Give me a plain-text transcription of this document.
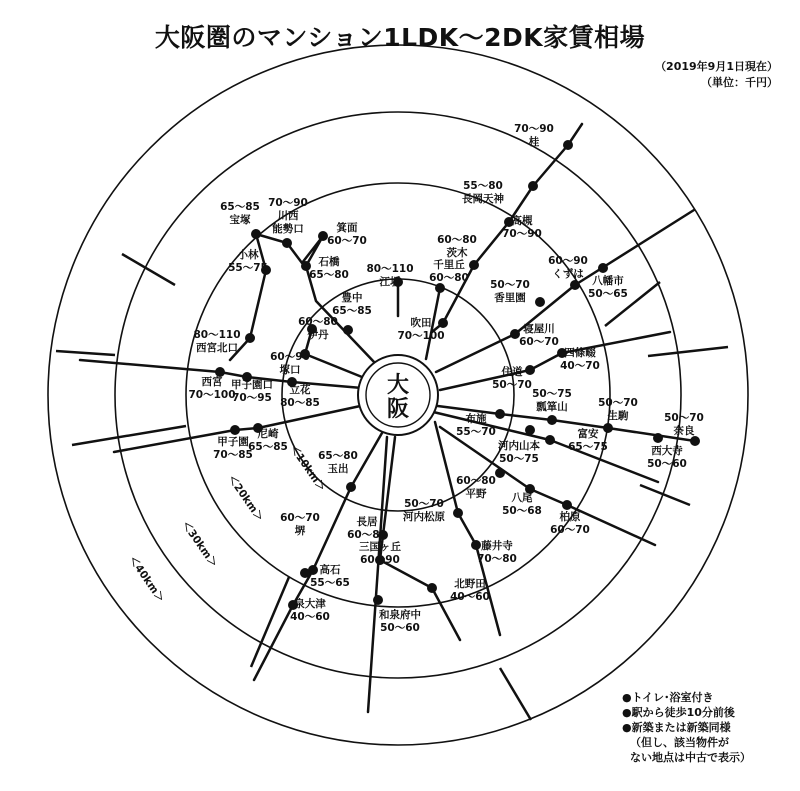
大阪圏のマンション1LDK～2DK家賃相場
（2019年9月1日現在）
（単位：千円）
大
阪
＜10km＞
＜20km＞
＜30km＞
＜40km＞
70〜90 桂
55〜80 長岡天神
高槻 70〜90
60〜80 茨木
千里丘 60〜80
吹田 70〜100
80〜110 江坂
60〜90 くずは
八幡市 50〜65
50〜70 香里園
寝屋川 60〜70
四條畷 40〜70
住道 50〜70
50〜70 生駒
50〜75 瓢箪山
50〜70 奈良
西大寺 50〜60
布施 55〜70	富安 65〜75
河内山本 50〜75
60〜80 平野	八尾 50〜68	柏原 60〜70
50〜70 河内松原
藤井寺 70〜80
長居 60〜80
三国ヶ丘 60〜90
北野田 40〜60
和泉府中 50〜60
65〜80 玉出
60〜70 堺
高石 55〜65
泉大津 40〜60
尼崎 65〜85
甲子園 70〜85
立花 80〜85
甲子園口 70〜95
西宮 70〜100
60〜90 塚口
80〜110 西宮北口
60〜80 伊丹
豊中 65〜85
小林 55〜75
65〜85 宝塚
70〜90 川西能勢口	箕面 60〜70
石橋 65〜80
●トイレ･浴室付き
●駅から徒歩10分前後
●新築または新築同様
（但し、該当物件が
ない地点は中古で表示）
